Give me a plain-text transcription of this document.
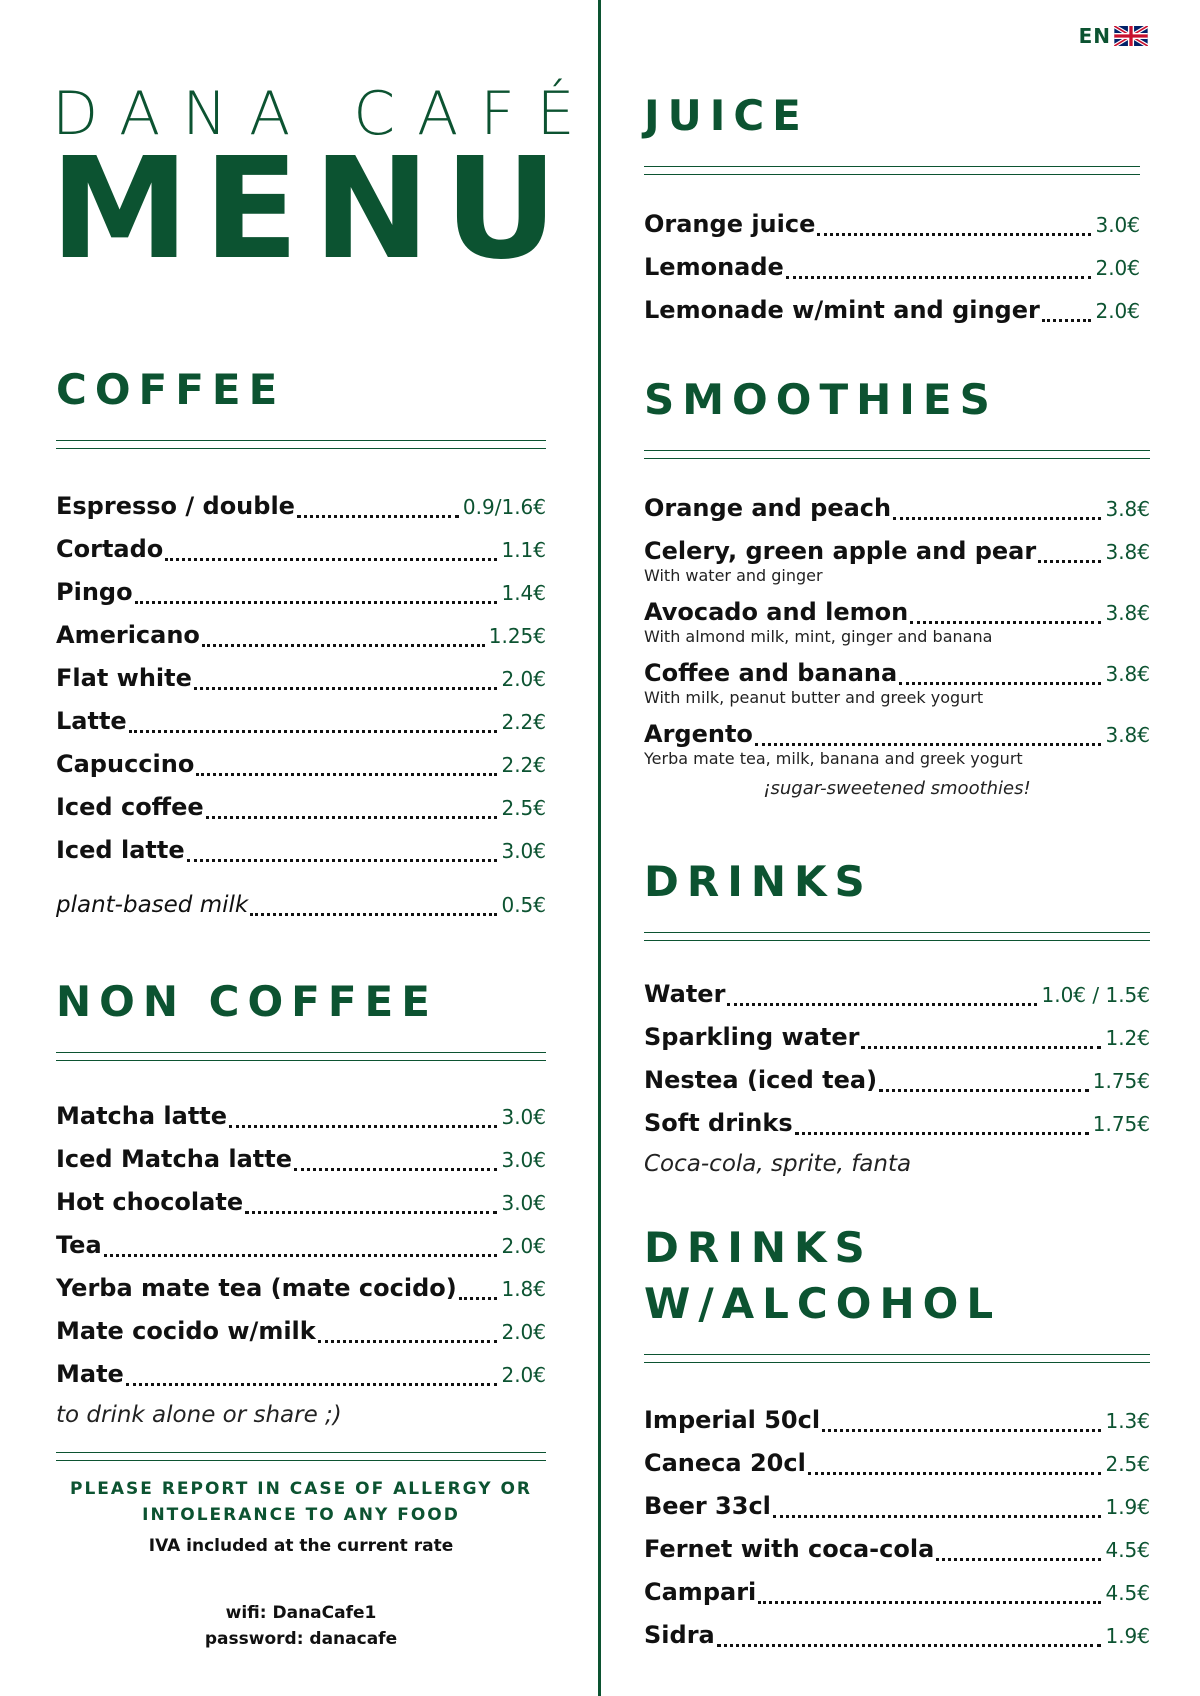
EN
DANA CAFÉ
MENU
COFFEE
Espresso / double	0.9/1.6€
Cortado	1.1€
Pingo	1.4€
Americano	1.25€
Flat white	2.0€
Latte	2.2€
Capuccino	2.2€
Iced coffee	2.5€
Iced latte	3.0€
plant-based milk	0.5€
NON COFFEE
Matcha latte	3.0€
Iced Matcha latte	3.0€
Hot chocolate	3.0€
Tea	2.0€
Yerba mate tea (mate cocido) 1.8€
Mate cocido w/milk	2.0€
Mate	2.0€
to drink alone or share ;)
PLEASE REPORT IN CASE OF ALLERGY OR INTOLERANCE TO ANY FOOD
IVA included at the current rate
wifi: DanaCafe1
password: danacafe
JUICE
Orange juice	3.0€
Lemonade	2.0€
Lemonade w/mint and ginger	2.0€
SMOOTHIES
Orange and peach	3.8€
Celery, green apple and pear	3.8€
With water and ginger
Avocado and lemon	3.8€
With almond milk, mint, ginger and banana
Coffee and banana	3.8€
With milk, peanut butter and greek yogurt
Argento	3.8€
Yerba mate tea, milk, banana and greek yogurt
¡sugar-sweetened smoothies!
DRINKS
Water	1.0€ / 1.5€
Sparkling water	1.2€
Nestea (iced tea)	1.75€
Soft drinks	1.75€
Coca-cola, sprite, fanta
DRINKS
W/ALCOHOL
Imperial 50cl	1.3€
Caneca 20cl	2.5€
Beer 33cl	1.9€
Fernet with coca-cola	4.5€
Campari	4.5€
Sidra	1.9€
